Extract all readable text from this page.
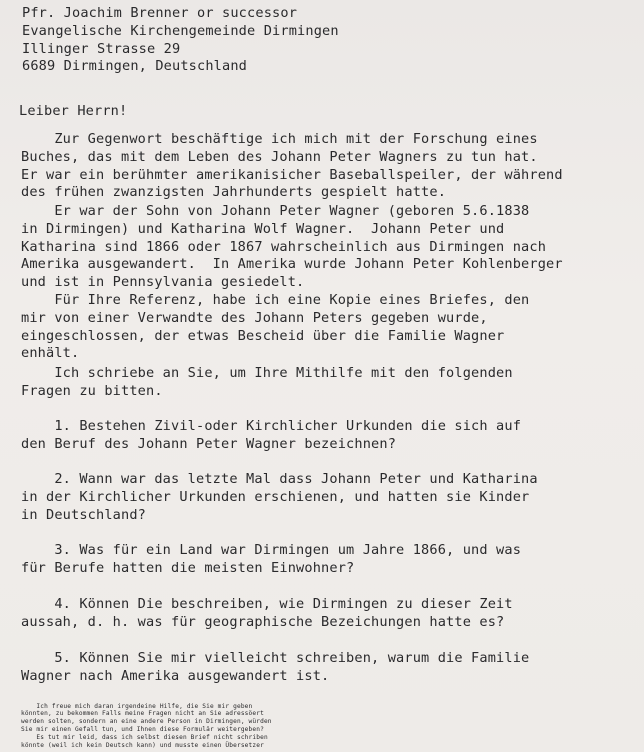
Pfr. Joachim Brenner or successor
Evangelische Kirchengemeinde Dirmingen
Illinger Strasse 29
6689 Dirmingen, Deutschland
Leiber Herrn!
Zur Gegenwort beschäftige ich mich mit der Forschung eines
Buches, das mit dem Leben des Johann Peter Wagners zu tun hat.
Er war ein berühmter amerikanisicher Baseballspeiler, der während
des frühen zwanzigsten Jahrhunderts gespielt hatte.
Er war der Sohn von Johann Peter Wagner (geboren 5.6.1838
in Dirmingen) und Katharina Wolf Wagner.  Johann Peter und
Katharina sind 1866 oder 1867 wahrscheinlich aus Dirmingen nach
Amerika ausgewandert.  In Amerika wurde Johann Peter Kohlenberger
und ist in Pennsylvania gesiedelt.
Für Ihre Referenz, habe ich eine Kopie eines Briefes, den
mir von einer Verwandte des Johann Peters gegeben wurde,
eingeschlossen, der etwas Bescheid über die Familie Wagner
enhält.
Ich schriebe an Sie, um Ihre Mithilfe mit den folgenden
Fragen zu bitten.
1. Bestehen Zivil-oder Kirchlicher Urkunden die sich auf
den Beruf des Johann Peter Wagner bezeichnen?
2. Wann war das letzte Mal dass Johann Peter und Katharina
in der Kirchlicher Urkunden erschienen, und hatten sie Kinder
in Deutschland?
3. Was für ein Land war Dirmingen um Jahre 1866, und was
für Berufe hatten die meisten Einwohner?
4. Können Die beschreiben, wie Dirmingen zu dieser Zeit
aussah, d. h. was für geographische Bezeichungen hatte es?
5. Können Sie mir vielleicht schreiben, warum die Familie
Wagner nach Amerika ausgewandert ist.
Ich freue mich daran irgendeine Hilfe, die Sie mir geben
könnten, zu bekommen Falls meine Fragen nicht an Sie adressöert
werden solten, sondern an eine andere Person in Dirmingen, würden
Sie mir einen Gefall tun, und Ihnen diese Formulär weitergeben?
Es tut mir leid, dass ich selbst diesen Brief nicht schriben
könnte (weil ich kein Deutsch kann) und musste einen Übersetzer
